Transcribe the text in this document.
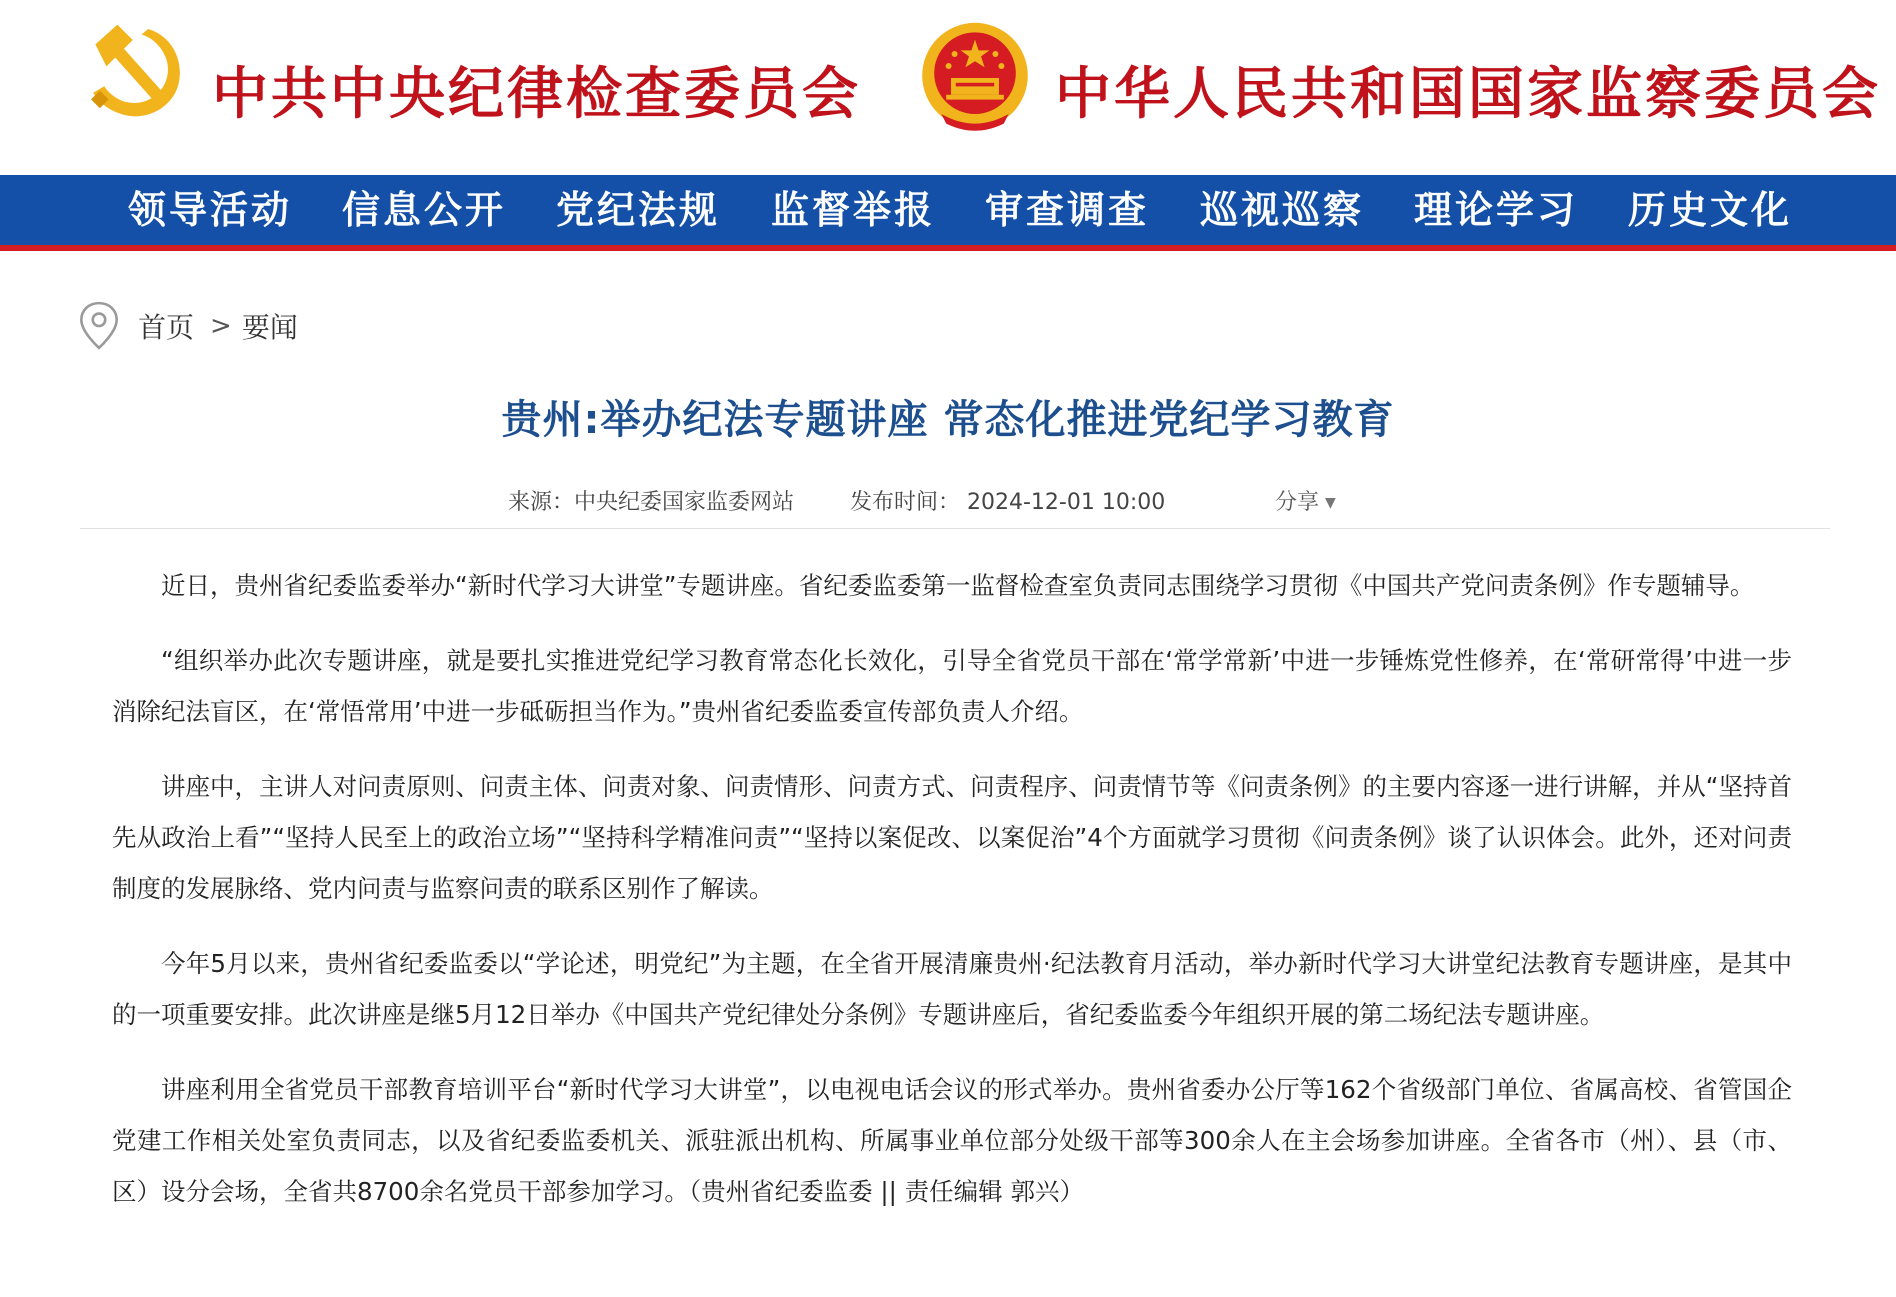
中共中央纪律检查委员会	中华人民共和国国家监察委员会
领导活动 信息公开 党纪法规 监督举报 审查调查 巡视巡察 理论学习 历史文化
首页 > 要闻
贵州:举办纪法专题讲座 常态化推进党纪学习教育
来源：中央纪委国家监委网站	发布时间： 2024-12-01 10:00	分享 ▼

近日，贵州省纪委监委举办“新时代学习大讲堂”专题讲座。省纪委监委第一监督检查室负责同志围绕学习贯彻《中国共产党问责条例》作专题辅导。

“组织举办此次专题讲座，就是要扎实推进党纪学习教育常态化长效化，引导全省党员干部在‘常学常新’中进一步锤炼党性修养，在‘常研常得’中进一步消除纪法盲区，在‘常悟常用’中进一步砥砺担当作为。”贵州省纪委监委宣传部负责人介绍。

讲座中，主讲人对问责原则、问责主体、问责对象、问责情形、问责方式、问责程序、问责情节等《问责条例》的主要内容逐一进行讲解，并从“坚持首先从政治上看”“坚持人民至上的政治立场”“坚持科学精准问责”“坚持以案促改、以案促治”4个方面就学习贯彻《问责条例》谈了认识体会。此外，还对问责制度的发展脉络、党内问责与监察问责的联系区别作了解读。

今年5月以来，贵州省纪委监委以“学论述，明党纪”为主题，在全省开展清廉贵州·纪法教育月活动，举办新时代学习大讲堂纪法教育专题讲座，是其中的一项重要安排。此次讲座是继5月12日举办《中国共产党纪律处分条例》专题讲座后，省纪委监委今年组织开展的第二场纪法专题讲座。

讲座利用全省党员干部教育培训平台“新时代学习大讲堂”，以电视电话会议的形式举办。贵州省委办公厅等162个省级部门单位、省属高校、省管国企党建工作相关处室负责同志，以及省纪委监委机关、派驻派出机构、所属事业单位部分处级干部等300余人在主会场参加讲座。全省各市（州）、县（市、区）设分会场，全省共8700余名党员干部参加学习。（贵州省纪委监委 || 责任编辑 郭兴）
